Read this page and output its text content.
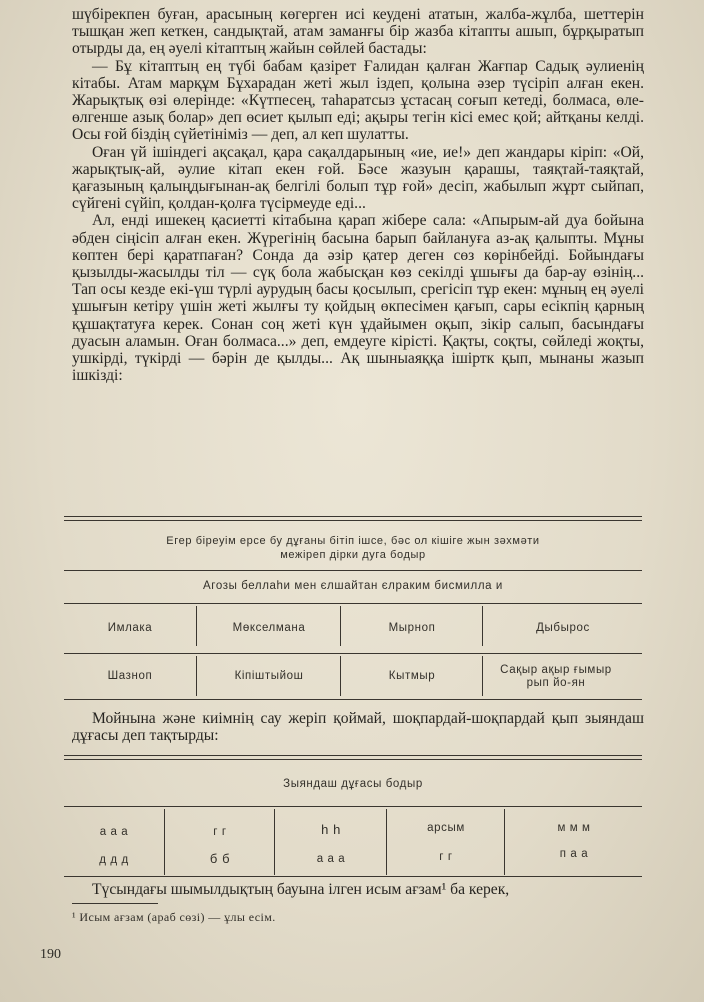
шүбірекпен буған, арасының көгерген исі кеудені ататын, жалба-жұлба, шеттерін тышқан жеп кеткен, сандықтай, атам заманғы бір жазба кітапты ашып, бұрқыратып отырды да, ең әуелі кітаптың жайын сөйлей бастады:

— Бұ кітаптың ең түбі бабам қазірет Ғалидан қалған Жағпар Садық әулиенің кітабы. Атам марқұм Бұхарадан жеті жыл іздеп, қолына әзер түсіріп алған екен. Жарықтық өзі өлерінде: «Күтпесең, таһаратсыз ұстасаң соғып кетеді, болмаса, өле-өлгенше азық болар» деп өсиет қылып еді; ақыры тегін кісі емес қой; айтқаны келді. Осы ғой біздің сүйетініміз — деп, ал кеп шулатты.

Оған үй ішіндегі ақсақал, қара сақалдарының «ие, ие!» деп жандары кіріп: «Ой, жарықтық-ай, әулие кітап екен ғой. Бәсе жазуын қарашы, таяқтай-таяқтай, қағазының қалыңдығынан-ақ белгілі болып тұр ғой» десіп, жабылып жұрт сыйпап, сүйгені сүйіп, қолдан-қолға түсірмеуде еді...

Ал, енді ишекең қасиетті кітабына қарап жібере сала: «Апырым-ай дуа бойына әбден сіңісіп алған екен. Жүрегінің басына барып байлануға аз-ақ қалыпты. Мұны көптен бері қаратпаған? Сонда да әзір қатер деген сөз көрінбейді. Бойындағы қызылды-жасылды тіл — сүқ бола жабысқан көз секілді ұшығы да бар-ау өзінің... Тап осы кезде екі-үш түрлі аурудың басы қосылып, срегісіп тұр екен: мұның ең әуелі ұшығын кетіру үшін жеті жылғы ту қойдың өкпесімен қағып, сары есікпің қарның құшақтатуға керек. Сонан соң жеті күн ұдайымен оқып, зікір салып, басындағы дуасын аламын. Оған болмаса...» деп, емдеуге кірісті. Қақты, соқты, сөйледі жоқты, ушкірді, түкірді — бәрін де қылды... Ақ шыныаяққа ішіртк қып, мынаны жазып ішкізді:

Егер біреуім ерсе бу дұғаны бітіп ішсе, бәс ол кішіге жын зәхмәти
межіреп дірки дуга бодыр
Агозы беллаһи мен єлшайтан єлраким бисмилла и
Имлака	Мөкселмана	Мырноп	Дыбырос
Шазноп	Кіпіштыйош	Кытмыр	Сақыр ақыр ғымыр рып йо-ян

Мойнына және киімнің сау жеріп қоймай, шоқпардай-шоқпардай қып зыяндаш дұғасы деп тақтырды:

Зыяндаш дұғасы бодыр
а а а	г г	h h	арсым	м м м
д д д	б б	а а а	г г	п а а

Түсындағы шымылдықтың бауына ілген исым ағзам¹ ба керек,

¹ Исым ағзам (араб сөзі) — ұлы есім.
190
